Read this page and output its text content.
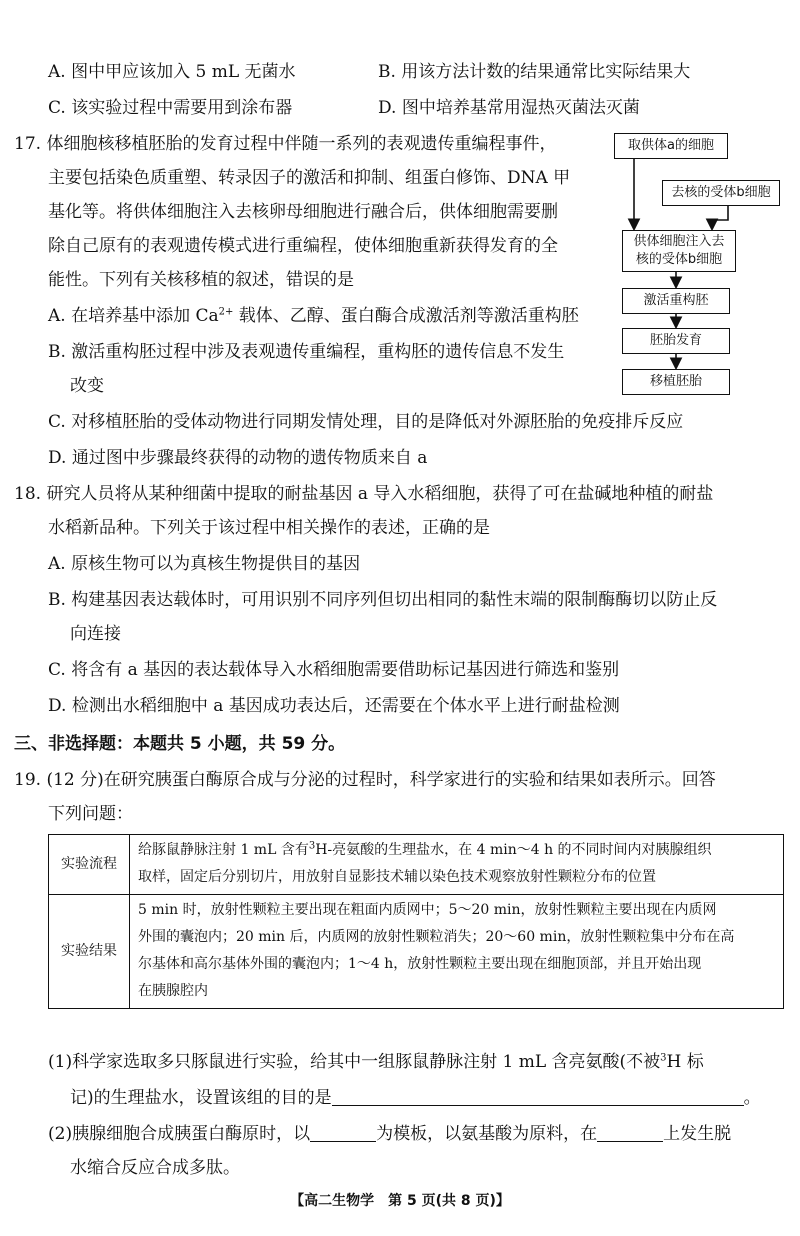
A. 图中甲应该加入 5 mL 无菌水	B. 用该方法计数的结果通常比实际结果大
C. 该实验过程中需要用到涂布器	D. 图中培养基常用湿热灭菌法灭菌
17. 体细胞核移植胚胎的发育过程中伴随一系列的表观遗传重编程事件，
主要包括染色质重塑、转录因子的激活和抑制、组蛋白修饰、DNA 甲
基化等。将供体细胞注入去核卵母细胞进行融合后，供体细胞需要删
除自己原有的表观遗传模式进行重编程，使体细胞重新获得发育的全
能性。下列有关核移植的叙述，错误的是
A. 在培养基中添加 $Ca^{2+}$ 载体、乙醇、蛋白酶合成激活剂等激活重构胚
B. 激活重构胚过程中涉及表观遗传重编程，重构胚的遗传信息不发生
改变
C. 对移植胚胎的受体动物进行同期发情处理，目的是降低对外源胚胎的免疫排斥反应
D. 通过图中步骤最终获得的动物的遗传物质来自 a
取供体a的细胞
去核的受体b细胞
供体细胞注入去核的受体b细胞
激活重构胚
胚胎发育
移植胚胎
18. 研究人员将从某种细菌中提取的耐盐基因 a 导入水稻细胞，获得了可在盐碱地种植的耐盐
水稻新品种。下列关于该过程中相关操作的表述，正确的是
A. 原核生物可以为真核生物提供目的基因
B. 构建基因表达载体时，可用识别不同序列但切出相同的黏性末端的限制酶酶切以防止反
向连接
C. 将含有 a 基因的表达载体导入水稻细胞需要借助标记基因进行筛选和鉴别
D. 检测出水稻细胞中 a 基因成功表达后，还需要在个体水平上进行耐盐检测
三、非选择题：本题共 5 小题，共 59 分。
19. (12 分)在研究胰蛋白酶原合成与分泌的过程时，科学家进行的实验和结果如表所示。回答
下列问题：
实验流程	给豚鼠静脉注射 1 mL 含有$^3$H-亮氨酸的生理盐水，在 4 min～4 h 的不同时间内对胰腺组织
取样，固定后分别切片，用放射自显影技术辅以染色技术观察放射性颗粒分布的位置

实验结果	5 min 时，放射性颗粒主要出现在粗面内质网中；5～20 min，放射性颗粒主要出现在内质网
外围的囊泡内；20 min 后，内质网的放射性颗粒消失；20～60 min，放射性颗粒集中分布在高
尔基体和高尔基体外围的囊泡内；1～4 h，放射性颗粒主要出现在细胞顶部，并且开始出现
在胰腺腔内
(1)科学家选取多只豚鼠进行实验，给其中一组豚鼠静脉注射 1 mL 含亮氨酸(不被$^3$H 标
记)的生理盐水，设置该组的目的是	。
(2)胰腺细胞合成胰蛋白酶原时，以	为模板，以氨基酸为原料，在	上发生脱
水缩合反应合成多肽。
【高二生物学　第 5 页(共 8 页)】
